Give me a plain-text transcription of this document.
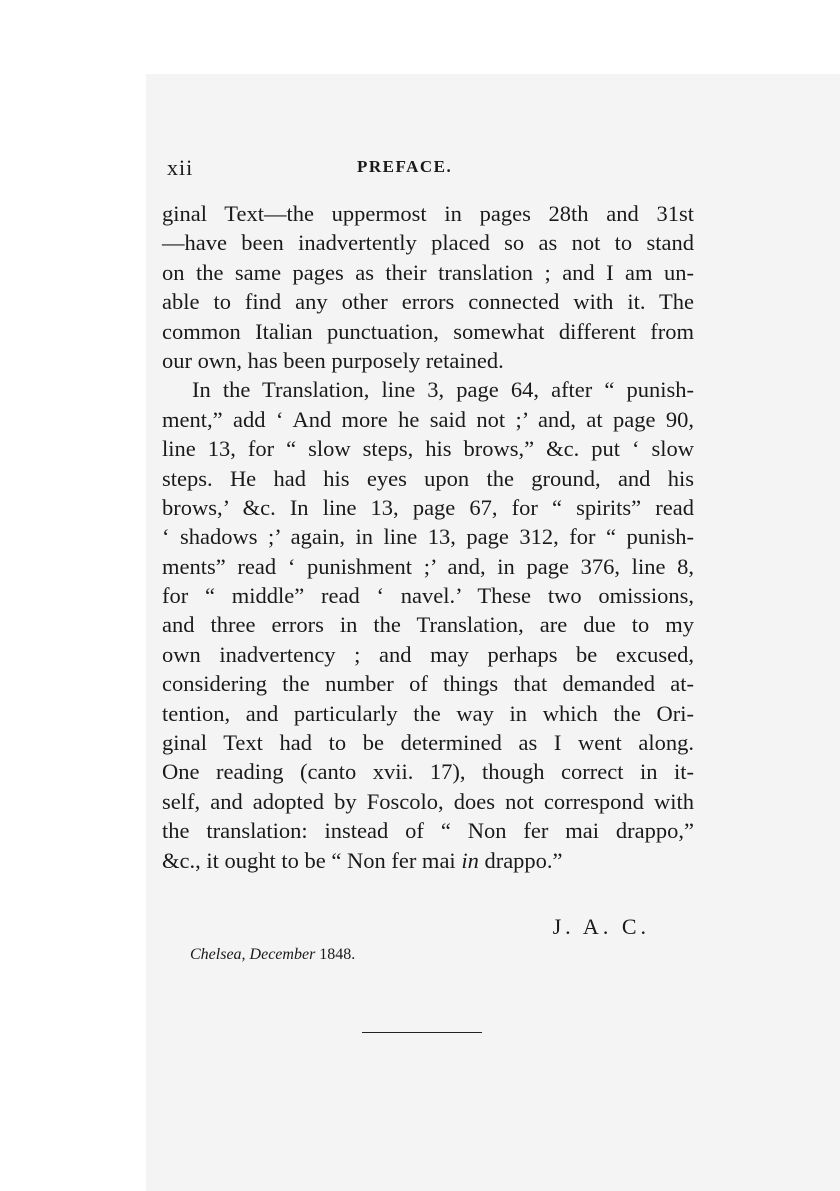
xii	PREFACE.
ginal Text—the uppermost in pages 28th and 31st
—have been inadvertently placed so as not to stand
on the same pages as their translation ; and I am un-
able to find any other errors connected with it. The
common Italian punctuation, somewhat different from
our own, has been purposely retained.
In the Translation, line 3, page 64, after “ punish-
ment,” add ‘ And more he said not ;’ and, at page 90,
line 13, for “ slow steps, his brows,” &c. put ‘ slow
steps. He had his eyes upon the ground, and his
brows,’ &c. In line 13, page 67, for “ spirits” read
‘ shadows ;’ again, in line 13, page 312, for “ punish-
ments” read ‘ punishment ;’ and, in page 376, line 8,
for “ middle” read ‘ navel.’ These two omissions,
and three errors in the Translation, are due to my
own inadvertency ; and may perhaps be excused,
considering the number of things that demanded at-
tention, and particularly the way in which the Ori-
ginal Text had to be determined as I went along.
One reading (canto xvii. 17), though correct in it-
self, and adopted by Foscolo, does not correspond with
the translation: instead of “ Non fer mai drappo,”
&c., it ought to be “ Non fer mai in drappo.”
J. A. C.
Chelsea, December 1848.
